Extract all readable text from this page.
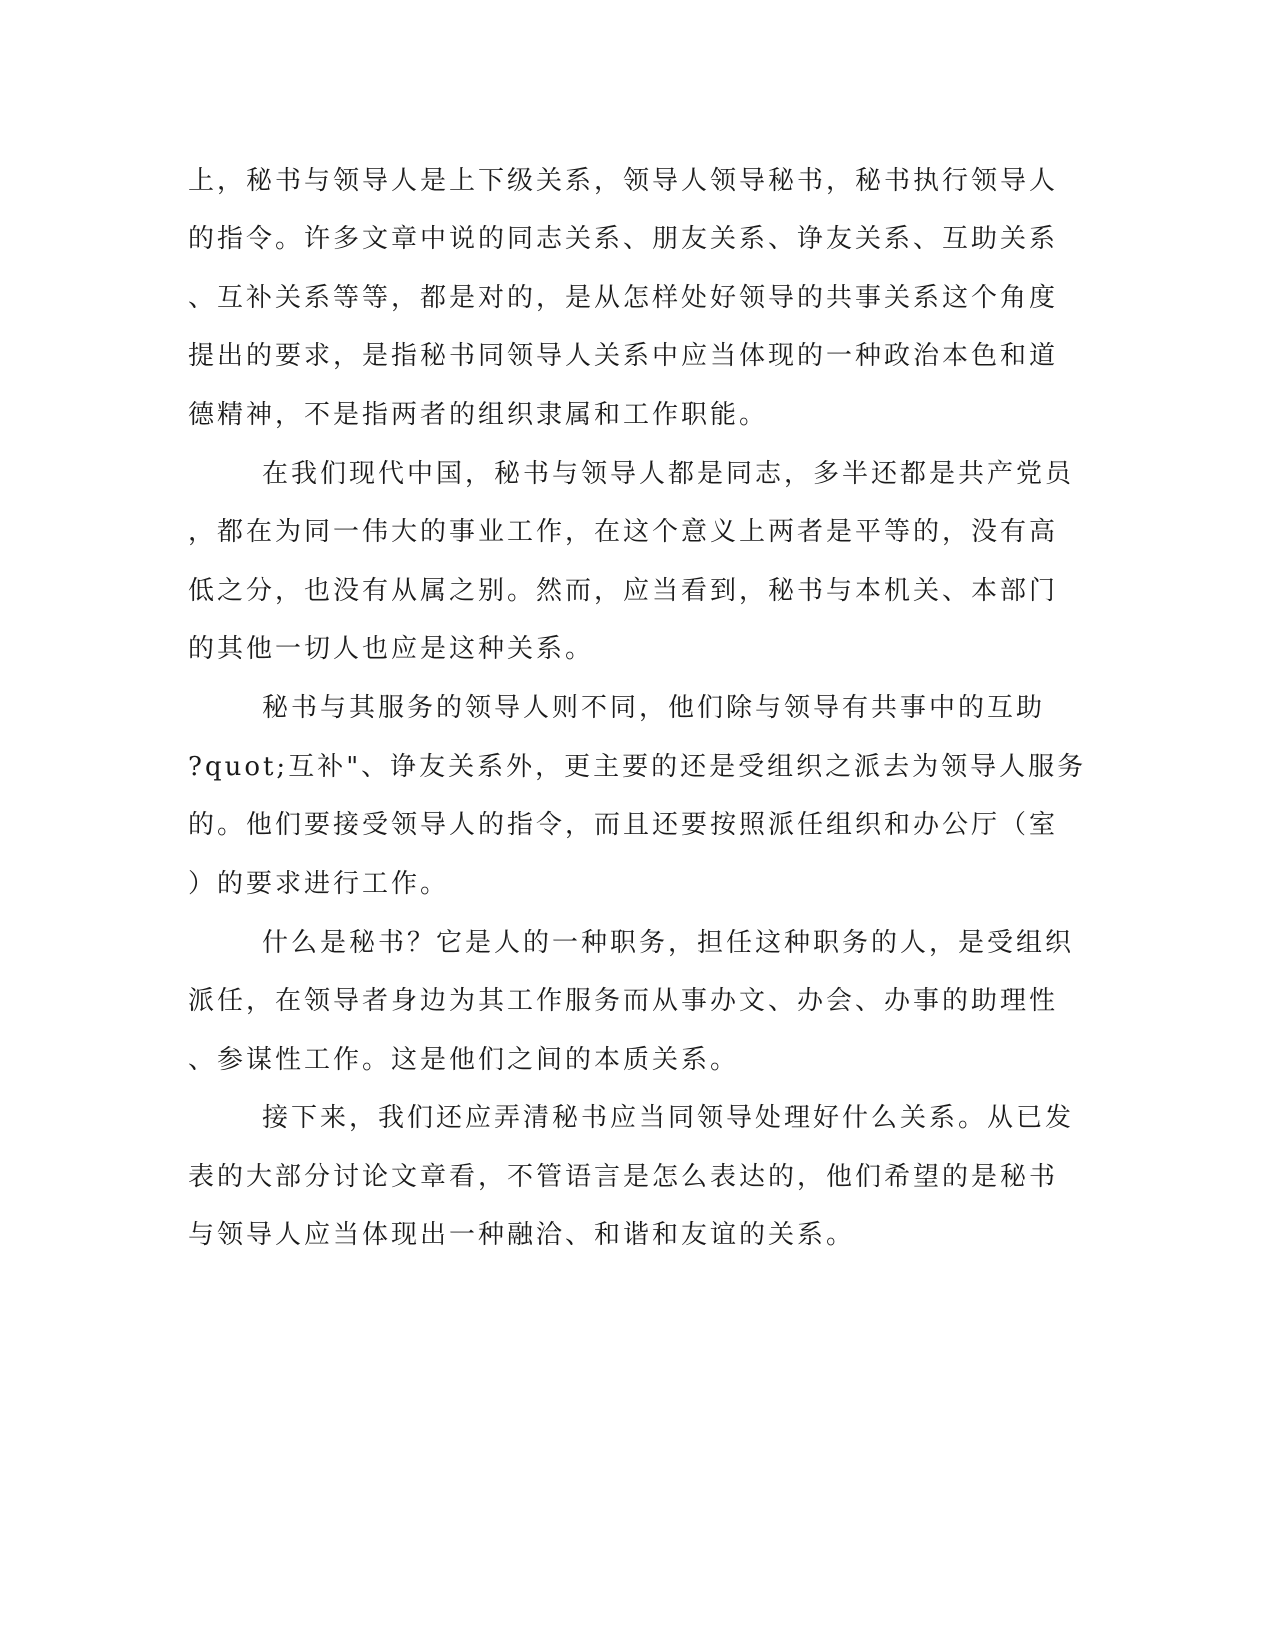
上，秘书与领导人是上下级关系，领导人领导秘书，秘书执行领导人
的指令。许多文章中说的同志关系、朋友关系、诤友关系、互助关系
、互补关系等等，都是对的，是从怎样处好领导的共事关系这个角度
提出的要求，是指秘书同领导人关系中应当体现的一种政治本色和道
德精神，不是指两者的组织隶属和工作职能。
在我们现代中国，秘书与领导人都是同志，多半还都是共产党员
，都在为同一伟大的事业工作，在这个意义上两者是平等的，没有高
低之分，也没有从属之别。然而，应当看到，秘书与本机关、本部门
的其他一切人也应是这种关系。
秘书与其服务的领导人则不同，他们除与领导有共事中的互助
?quot;互补"、诤友关系外，更主要的还是受组织之派去为领导人服务
的。他们要接受领导人的指令，而且还要按照派任组织和办公厅（室
）的要求进行工作。
什么是秘书？它是人的一种职务，担任这种职务的人，是受组织
派任，在领导者身边为其工作服务而从事办文、办会、办事的助理性
、参谋性工作。这是他们之间的本质关系。
接下来，我们还应弄清秘书应当同领导处理好什么关系。从已发
表的大部分讨论文章看，不管语言是怎么表达的，他们希望的是秘书
与领导人应当体现出一种融洽、和谐和友谊的关系。
